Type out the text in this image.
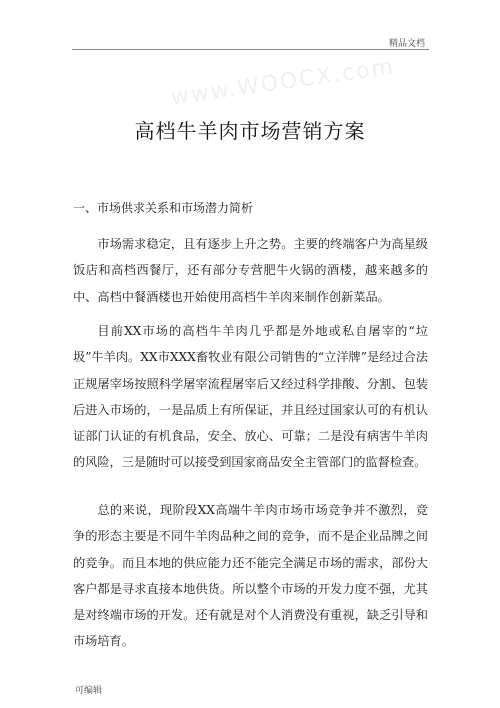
精品文档
www.WOOCX.com
高档牛羊肉市场营销方案
一、市场供求关系和市场潜力简析

市场需求稳定，且有逐步上升之势。主要的终端客户为高星级饭店和高档西餐厅，还有部分专营肥牛火锅的酒楼，越来越多的中、高档中餐酒楼也开始使用高档牛羊肉来制作创新菜品。

目前XX市场的高档牛羊肉几乎都是外地或私自屠宰的“垃圾”牛羊肉。XX市XXX畜牧业有限公司销售的“立洋牌”是经过合法正规屠宰场按照科学屠宰流程屠宰后又经过科学排酸、分割、包装后进入市场的，一是品质上有所保证，并且经过国家认可的有机认证部门认证的有机食品，安全、放心、可靠；二是没有病害牛羊肉的风险，三是随时可以接受到国家商品安全主管部门的监督检查。

总的来说，现阶段XX高端牛羊肉市场市场竞争并不激烈，竞争的形态主要是不同牛羊肉品种之间的竞争，而不是企业品牌之间的竞争。而且本地的供应能力还不能完全满足市场的需求，部份大客户都是寻求直接本地供货。所以整个市场的开发力度不强，尤其是对终端市场的开发。还有就是对个人消费没有重视，缺乏引导和市场培育。

可编辑
